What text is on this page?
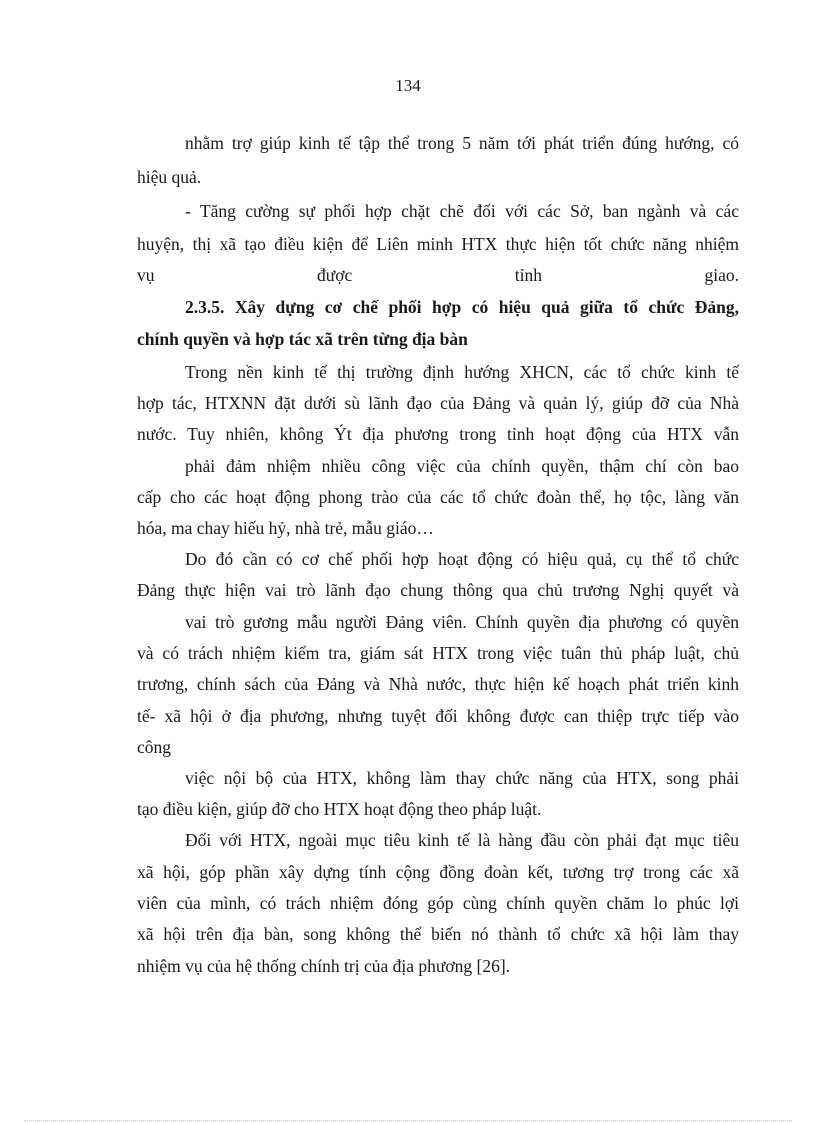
134
nhằm trợ giúp kinh tế tập thể trong 5 năm tới phát triển đúng hướng, có
hiệu quả.
- Tăng cường sự phối hợp chặt chẽ đối với các Sở, ban ngành và các
huyện, thị xã tạo điều kiện để Liên minh HTX thực hiện tốt chức năng nhiệm
vụ được tỉnh giao.
2.3.5. Xây dựng cơ chế phối hợp có hiệu quả giữa tổ chức Đảng,
chính quyền và hợp tác xã trên từng địa bàn
Trong nền kinh tế thị trường định hướng XHCN, các tổ chức kinh tế
hợp tác, HTXNN đặt dưới sù lãnh đạo của Đảng và quản lý, giúp đỡ của Nhà
nước. Tuy nhiên, không Ýt địa phương trong tỉnh hoạt động của HTX vẫn
phải đảm nhiệm nhiều công việc của chính quyền, thậm chí còn bao
cấp cho các hoạt động phong trào của các tổ chức đoàn thể, họ tộc, làng văn
hóa, ma chay hiếu hỷ, nhà trẻ, mẫu giáo…
Do đó cần có cơ chế phối hợp hoạt động có hiệu quả, cụ thể tổ chức
Đảng thực hiện vai trò lãnh đạo chung thông qua chủ trương Nghị quyết và
vai trò gương mẫu người Đảng viên. Chính quyền địa phương có quyền
và có trách nhiệm kiểm tra, giám sát HTX trong việc tuân thủ pháp luật, chủ
trương, chính sách của Đảng và Nhà nước, thực hiện kế hoạch phát triển kinh
tế- xã hội ở địa phương, nhưng tuyệt đối không được can thiệp trực tiếp vào
công
việc nội bộ của HTX, không làm thay chức năng của HTX, song phải
tạo điều kiện, giúp đỡ cho HTX hoạt động theo pháp luật.
Đối với HTX, ngoài mục tiêu kinh tế là hàng đầu còn phải đạt mục tiêu
xã hội, góp phần xây dựng tính cộng đồng đoàn kết, tương trợ trong các xã
viên của mình, có trách nhiệm đóng góp cùng chính quyền chăm lo phúc lợi
xã hội trên địa bàn, song không thể biến nó thành tổ chức xã hội làm thay
nhiệm vụ của hệ thống chính trị của địa phương [26].
